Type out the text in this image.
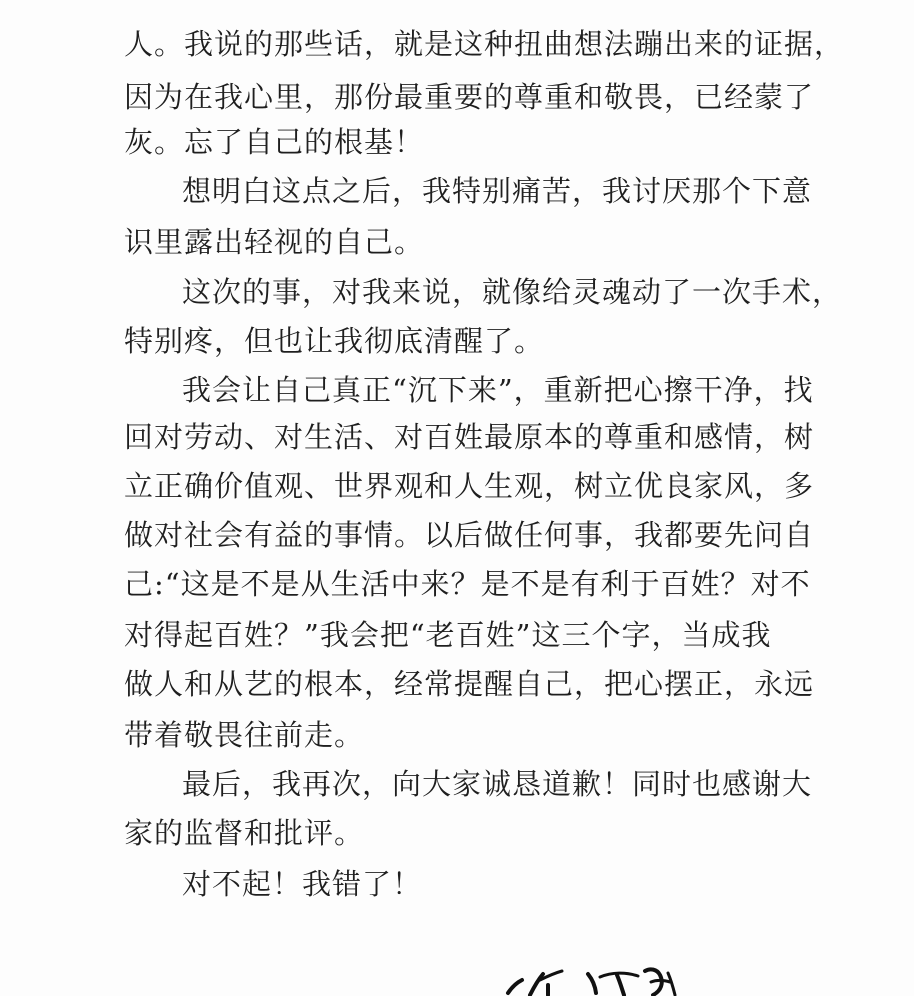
人。我说的那些话，就是这种扭曲想法蹦出来的证据，
因为在我心里，那份最重要的尊重和敬畏，已经蒙了
灰。忘了自己的根基！
想明白这点之后，我特别痛苦，我讨厌那个下意
识里露出轻视的自己。
这次的事，对我来说，就像给灵魂动了一次手术，
特别疼，但也让我彻底清醒了。
我会让自己真正“沉下来”，重新把心擦干净，找
回对劳动、对生活、对百姓最原本的尊重和感情，树
立正确价值观、世界观和人生观，树立优良家风，多
做对社会有益的事情。以后做任何事，我都要先问自
己:“这是不是从生活中来？是不是有利于百姓？对不
对得起百姓？”我会把“老百姓”这三个字，当成我
做人和从艺的根本，经常提醒自己，把心摆正，永远
带着敬畏往前走。
最后，我再次，向大家诚恳道歉！同时也感谢大
家的监督和批评。
对不起！我错了！
